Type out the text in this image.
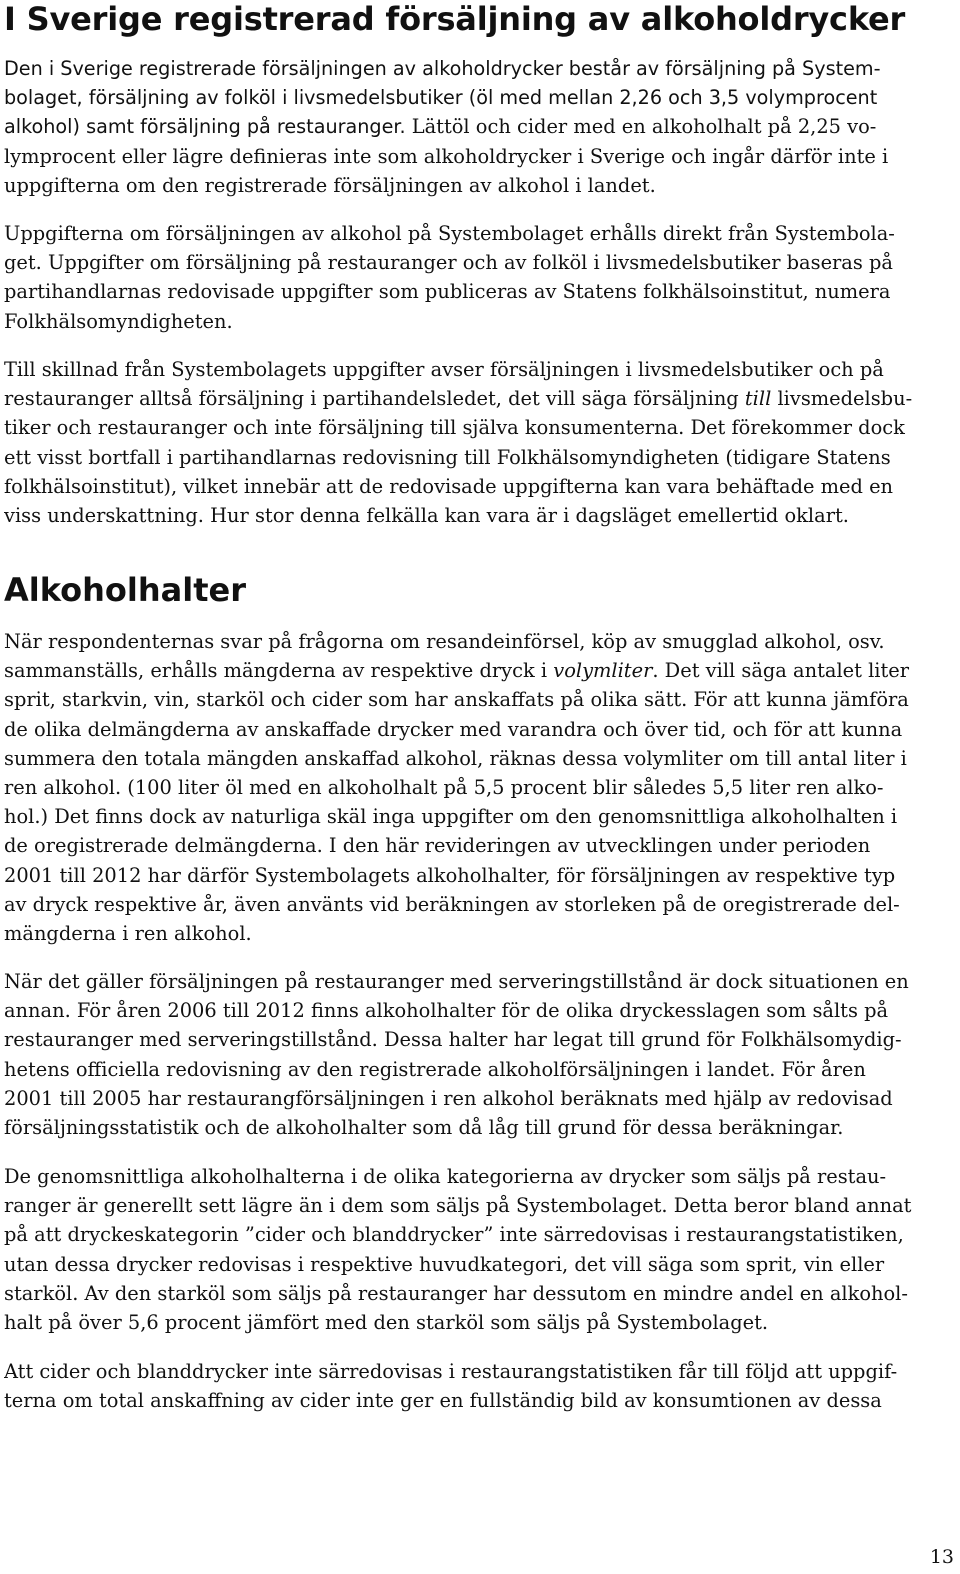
I Sverige registrerad försäljning av alkoholdrycker
Den i Sverige registrerade försäljningen av alkoholdrycker består av försäljning på System-
bolaget, försäljning av folköl i livsmedelsbutiker (öl med mellan 2,26 och 3,5 volymprocent
alkohol) samt försäljning på restauranger. Lättöl och cider med en alkoholhalt på 2,25 vo-
lymprocent eller lägre definieras inte som alkoholdrycker i Sverige och ingår därför inte i
uppgifterna om den registrerade försäljningen av alkohol i landet.
Uppgifterna om försäljningen av alkohol på Systembolaget erhålls direkt från Systembola-
get. Uppgifter om försäljning på restauranger och av folköl i livsmedelsbutiker baseras på
partihandlarnas redovisade uppgifter som publiceras av Statens folkhälsoinstitut, numera
Folkhälsomyndigheten.
Till skillnad från Systembolagets uppgifter avser försäljningen i livsmedelsbutiker och på
restauranger alltså försäljning i partihandelsledet, det vill säga försäljning till livsmedelsbu-
tiker och restauranger och inte försäljning till själva konsumenterna. Det förekommer dock
ett visst bortfall i partihandlarnas redovisning till Folkhälsomyndigheten (tidigare Statens
folkhälsoinstitut), vilket innebär att de redovisade uppgifterna kan vara behäftade med en
viss underskattning. Hur stor denna felkälla kan vara är i dagsläget emellertid oklart.
Alkoholhalter
När respondenternas svar på frågorna om resandeinförsel, köp av smugglad alkohol, osv.
sammanställs, erhålls mängderna av respektive dryck i volymliter. Det vill säga antalet liter
sprit, starkvin, vin, starköl och cider som har anskaffats på olika sätt. För att kunna jämföra
de olika delmängderna av anskaffade drycker med varandra och över tid, och för att kunna
summera den totala mängden anskaffad alkohol, räknas dessa volymliter om till antal liter i
ren alkohol. (100 liter öl med en alkoholhalt på 5,5 procent blir således 5,5 liter ren alko-
hol.) Det finns dock av naturliga skäl inga uppgifter om den genomsnittliga alkoholhalten i
de oregistrerade delmängderna. I den här revideringen av utvecklingen under perioden
2001 till 2012 har därför Systembolagets alkoholhalter, för försäljningen av respektive typ
av dryck respektive år, även använts vid beräkningen av storleken på de oregistrerade del-
mängderna i ren alkohol.
När det gäller försäljningen på restauranger med serveringstillstånd är dock situationen en
annan. För åren 2006 till 2012 finns alkoholhalter för de olika dryckesslagen som sålts på
restauranger med serveringstillstånd. Dessa halter har legat till grund för Folkhälsomydig-
hetens officiella redovisning av den registrerade alkoholförsäljningen i landet. För åren
2001 till 2005 har restaurangförsäljningen i ren alkohol beräknats med hjälp av redovisad
försäljningsstatistik och de alkoholhalter som då låg till grund för dessa beräkningar.
De genomsnittliga alkoholhalterna i de olika kategorierna av drycker som säljs på restau-
ranger är generellt sett lägre än i dem som säljs på Systembolaget. Detta beror bland annat
på att dryckeskategorin ”cider och blanddrycker” inte särredovisas i restaurangstatistiken,
utan dessa drycker redovisas i respektive huvudkategori, det vill säga som sprit, vin eller
starköl. Av den starköl som säljs på restauranger har dessutom en mindre andel en alkohol-
halt på över 5,6 procent jämfört med den starköl som säljs på Systembolaget.
Att cider och blanddrycker inte särredovisas i restaurangstatistiken får till följd att uppgif-
terna om total anskaffning av cider inte ger en fullständig bild av konsumtionen av dessa
13
